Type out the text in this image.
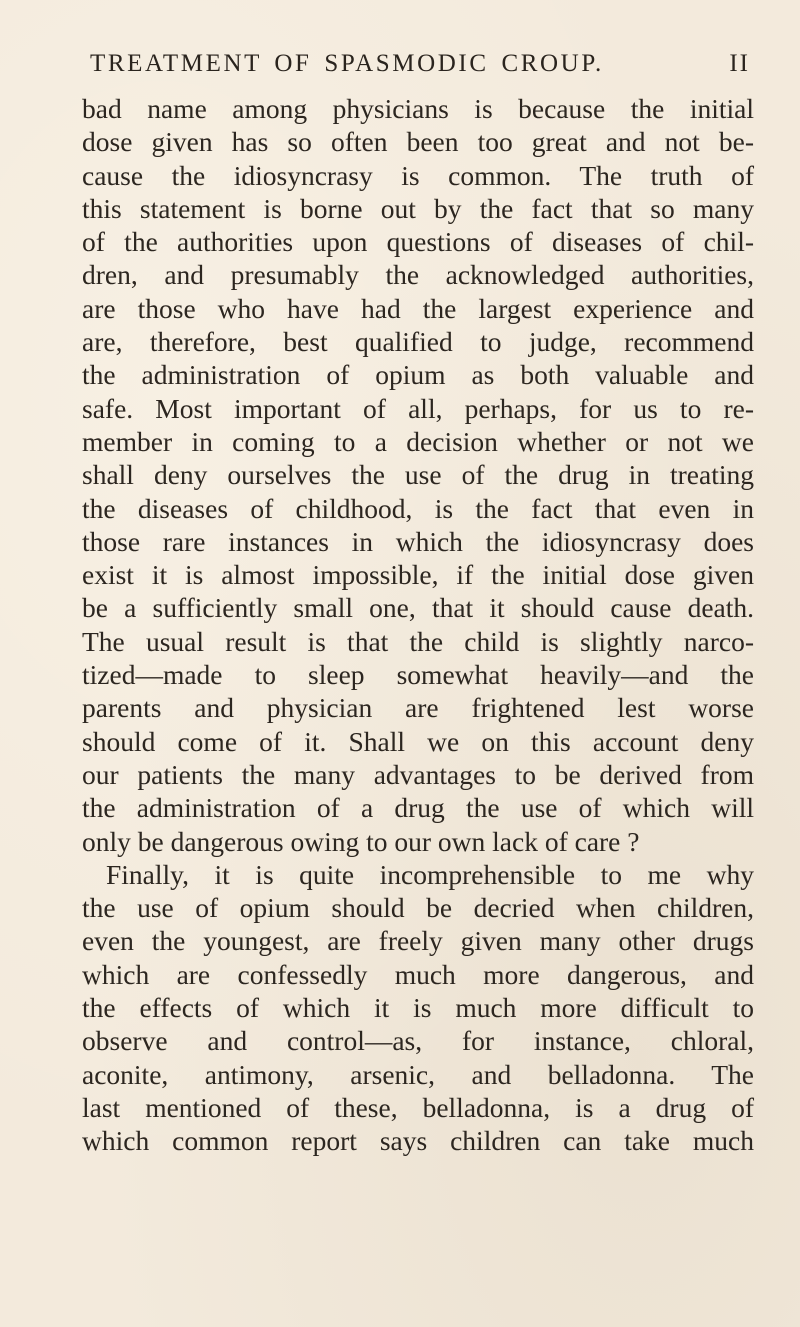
TREATMENT OF SPASMODIC CROUP.	II
bad name among physicians is because the initial
dose given has so often been too great and not be-
cause the idiosyncrasy is common. The truth of
this statement is borne out by the fact that so many
of the authorities upon questions of diseases of chil-
dren, and presumably the acknowledged authorities,
are those who have had the largest experience and
are, therefore, best qualified to judge, recommend
the administration of opium as both valuable and
safe. Most important of all, perhaps, for us to re-
member in coming to a decision whether or not we
shall deny ourselves the use of the drug in treating
the diseases of childhood, is the fact that even in
those rare instances in which the idiosyncrasy does
exist it is almost impossible, if the initial dose given
be a sufficiently small one, that it should cause death.
The usual result is that the child is slightly narco-
tized—made to sleep somewhat heavily—and the
parents and physician are frightened lest worse
should come of it. Shall we on this account deny
our patients the many advantages to be derived from
the administration of a drug the use of which will
only be dangerous owing to our own lack of care ?
Finally, it is quite incomprehensible to me why
the use of opium should be decried when children,
even the youngest, are freely given many other drugs
which are confessedly much more dangerous, and
the effects of which it is much more difficult to
observe and control—as, for instance, chloral,
aconite, antimony, arsenic, and belladonna. The
last mentioned of these, belladonna, is a drug of
which common report says children can take much
